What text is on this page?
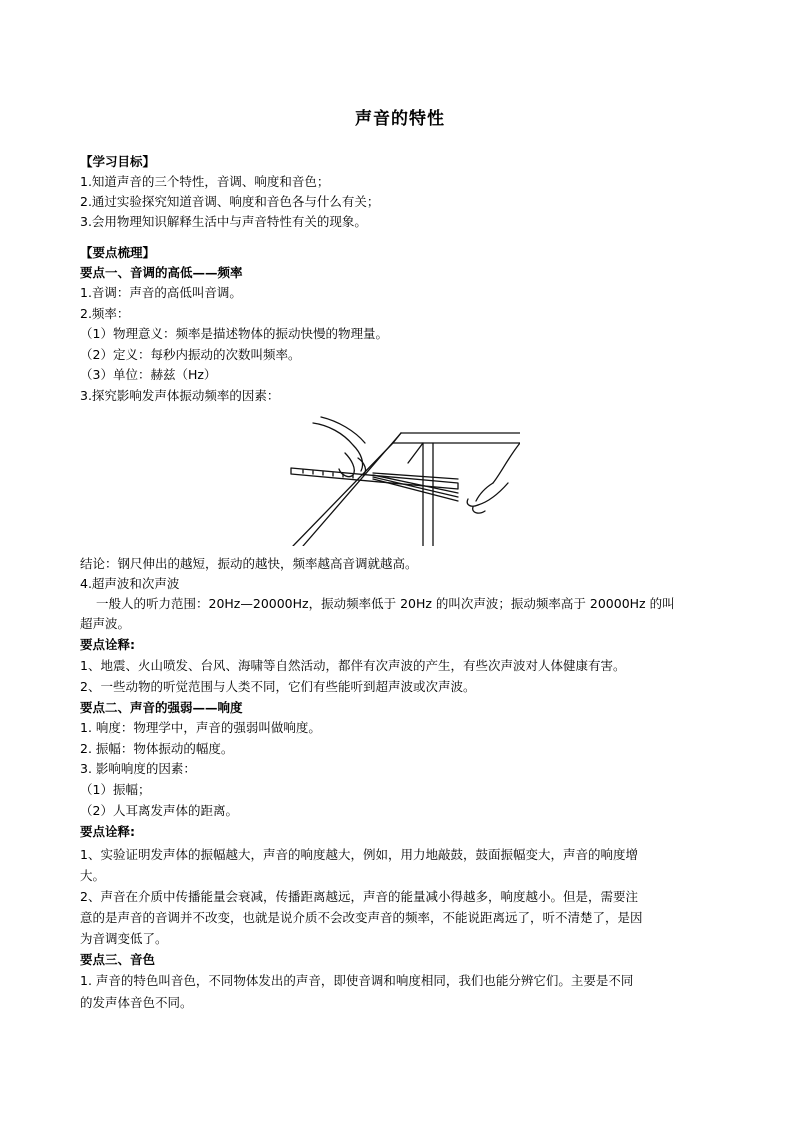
声音的特性
【学习目标】
1.知道声音的三个特性，音调、响度和音色；
2.通过实验探究知道音调、响度和音色各与什么有关；
3.会用物理知识解释生活中与声音特性有关的现象。
【要点梳理】
要点一、音调的高低——频率
1.音调：声音的高低叫音调。
2.频率：
（1）物理意义：频率是描述物体的振动快慢的物理量。
（2）定义：每秒内振动的次数叫频率。
（3）单位：赫兹（Hz）
3.探究影响发声体振动频率的因素：
结论：钢尺伸出的越短，振动的越快，频率越高音调就越高。
4.超声波和次声波
一般人的听力范围：20Hz—20000Hz，振动频率低于 20Hz 的叫次声波；振动频率高于 20000Hz 的叫
超声波。
要点诠释:
1、地震、火山喷发、台风、海啸等自然活动，都伴有次声波的产生，有些次声波对人体健康有害。
2、一些动物的听觉范围与人类不同，它们有些能听到超声波或次声波。
要点二、声音的强弱——响度
1. 响度：物理学中，声音的强弱叫做响度。
2. 振幅：物体振动的幅度。
3. 影响响度的因素：
（1）振幅；
（2）人耳离发声体的距离。
要点诠释:
1、实验证明发声体的振幅越大，声音的响度越大，例如，用力地敲鼓，鼓面振幅变大，声音的响度增
大。
2、声音在介质中传播能量会衰减，传播距离越远，声音的能量减小得越多，响度越小。但是，需要注
意的是声音的音调并不改变，也就是说介质不会改变声音的频率，不能说距离远了，听不清楚了，是因
为音调变低了。
要点三、音色
1. 声音的特色叫音色，不同物体发出的声音，即使音调和响度相同，我们也能分辨它们。主要是不同
的发声体音色不同。
